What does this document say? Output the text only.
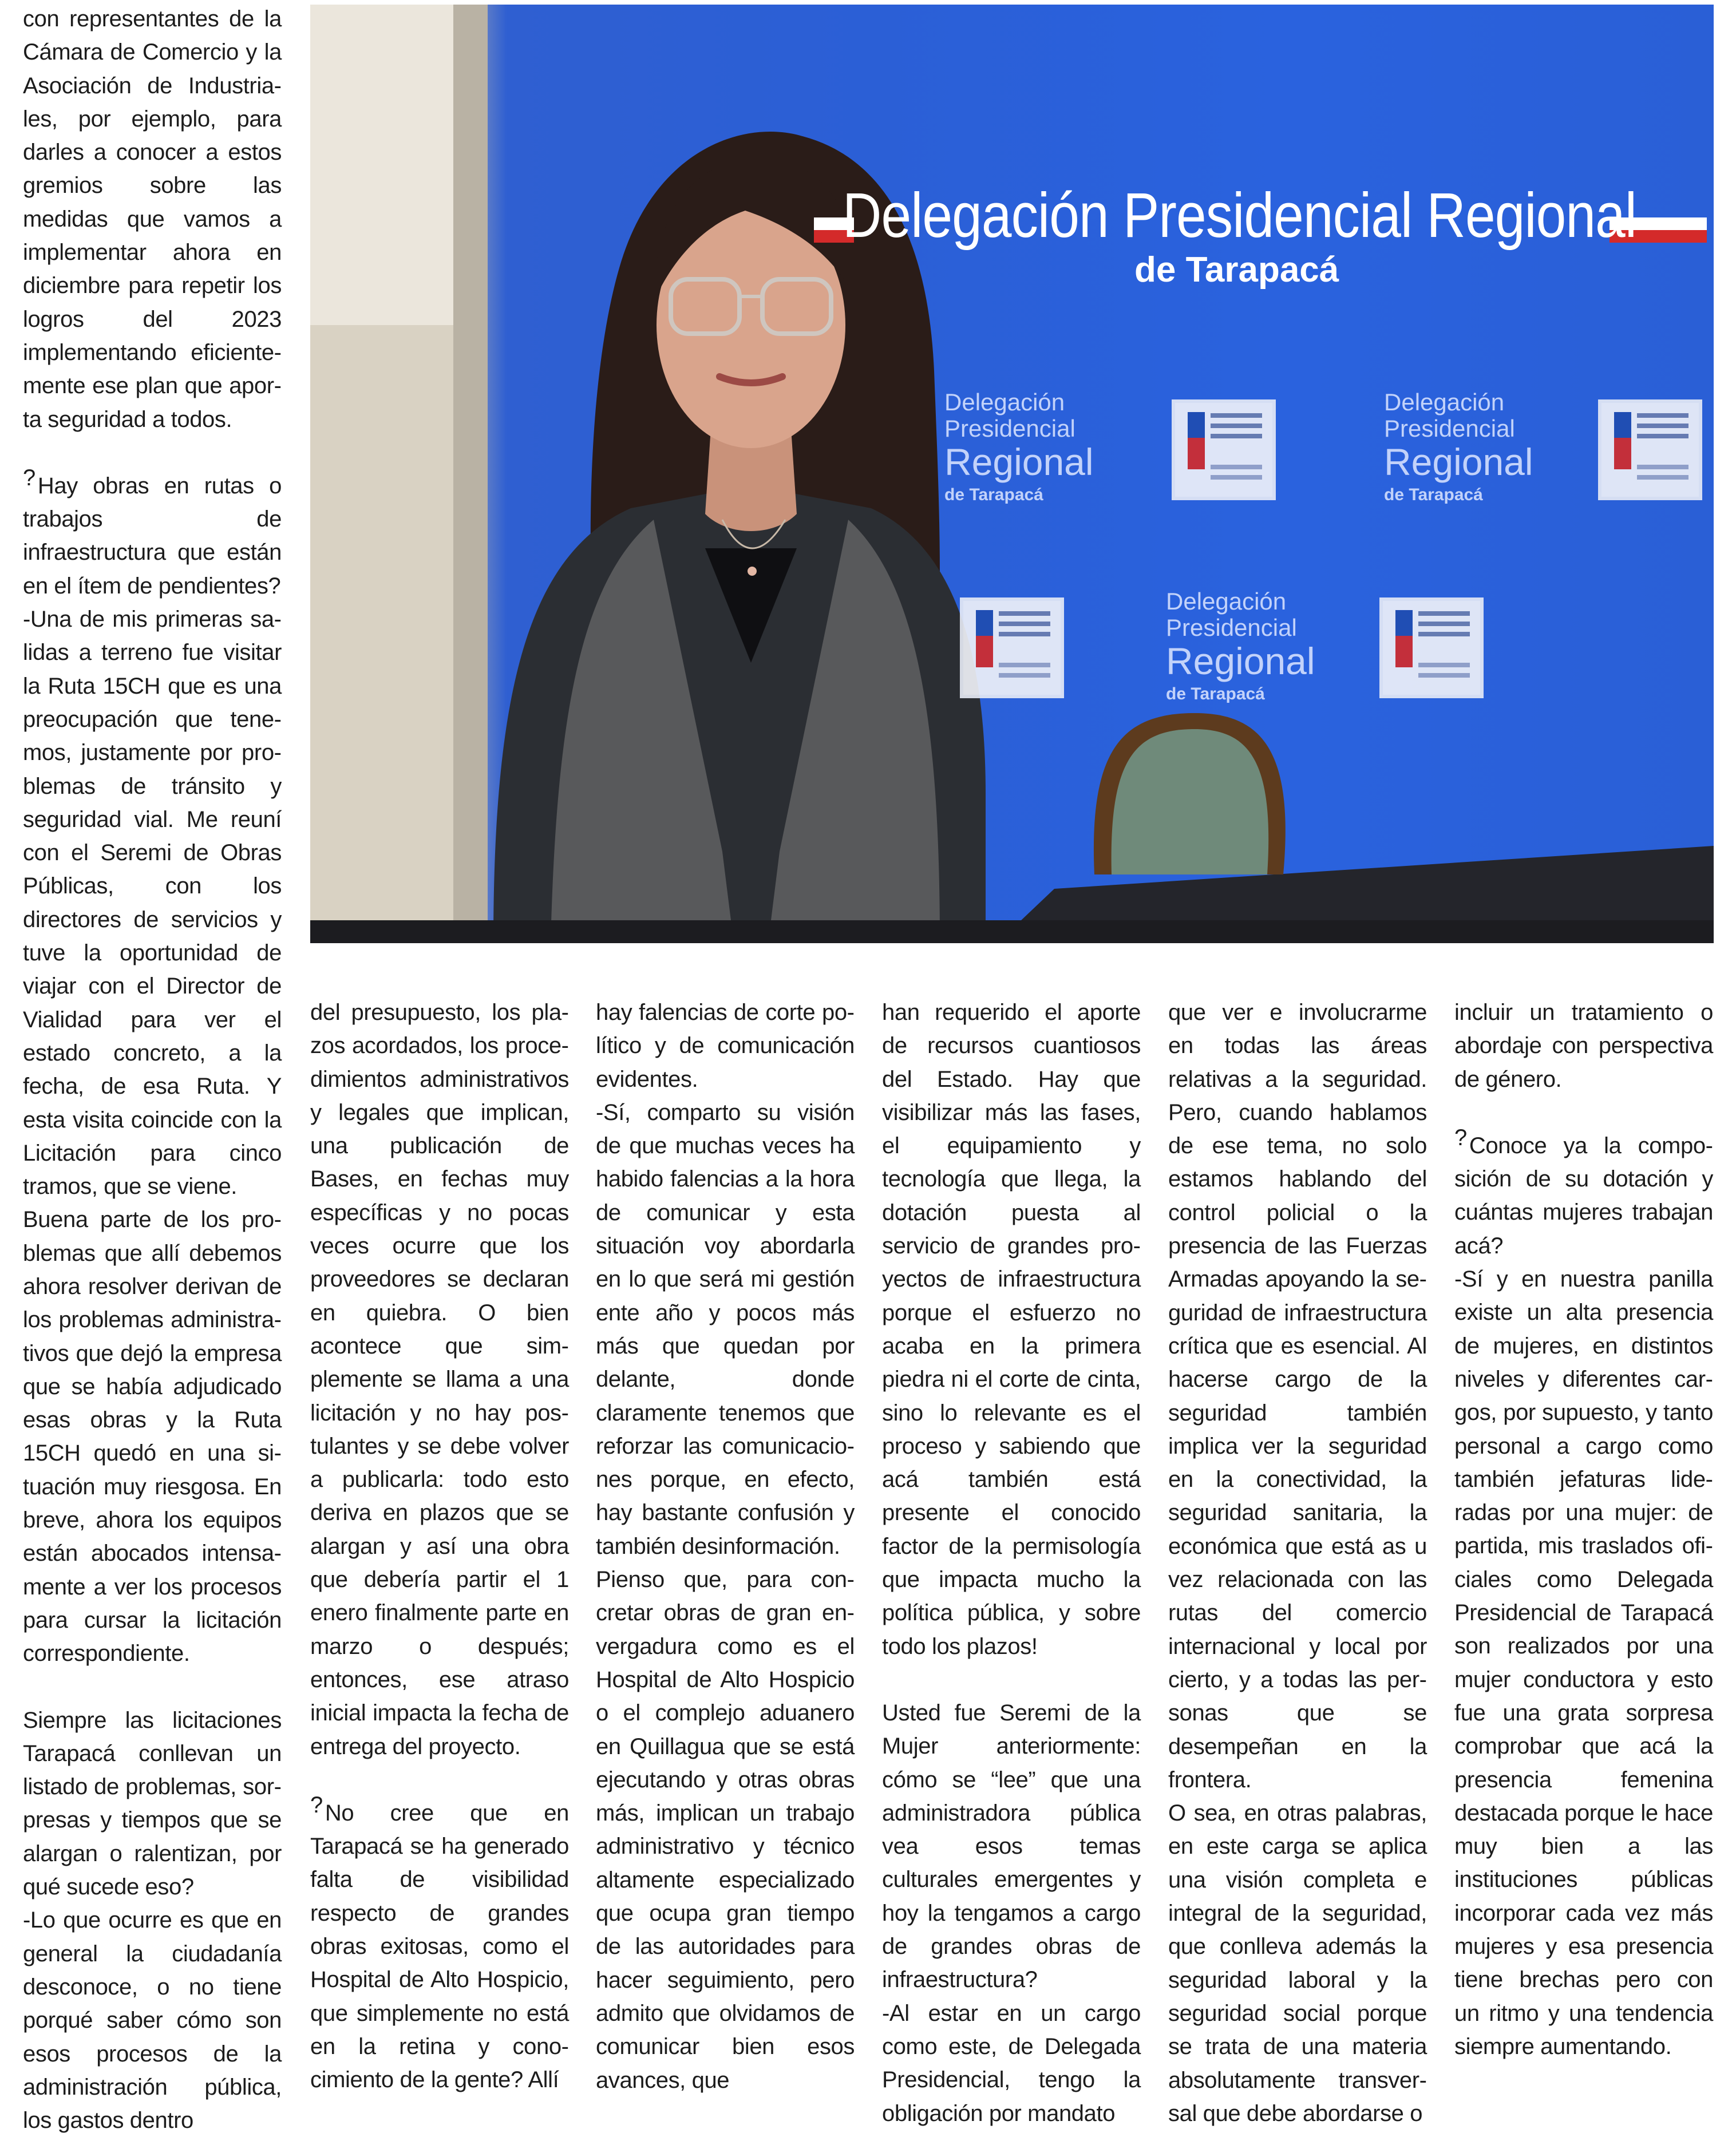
con representantes de la Cámara de Comercio y la Asociación de Industriales, por ejemplo, para darles a conocer a estos gremios sobre las medidas que vamos a implementar ahora en diciembre para repetir los logros del 2023 implementando eficientemente ese plan que aporta seguridad a todos.

? Hay obras en rutas o trabajos de infraestructura que están en el ítem de pendientes?

-Una de mis primeras salidas a terreno fue visitar la Ruta 15CH que es una preocupación que tenemos, justamente por problemas de tránsito y seguridad vial. Me reuní con el Seremi de Obras Públicas, con los directores de servicios y tuve la oportunidad de viajar con el Director de Vialidad para ver el estado concreto, a la fecha, de esa Ruta. Y esta visita coincide con la Licitación para cinco tramos, que se viene.

Buena parte de los problemas que allí debemos ahora resolver derivan de los problemas administrativos que dejó la empresa que se había adjudicado esas obras y la Ruta 15CH quedó en una situación muy riesgosa. En breve, ahora los equipos están abocados intensamente a ver los procesos para cursar la licitación correspondiente.

Siempre las licitaciones Tarapacá conllevan un listado de problemas, sorpresas y tiempos que se alargan o ralentizan, por qué sucede eso?

-Lo que ocurre es que en general la ciudadanía desconoce, o no tiene porqué saber cómo son esos procesos de la administración pública, los gastos dentro

Delegación Presidencial Regional
de Tarapacá
Delegación
Presidencial
Regional
de Tarapacá
Delegación
Presidencial
Regional
de Tarapacá
Delegación
Presidencial
Regional
de Tarapacá

del presupuesto, los plazos acordados, los procedimientos administrativos y legales que implican, una publicación de Bases, en fechas muy específicas y no pocas veces ocurre que los proveedores se declaran en quiebra. O bien acontece que simplemente se llama a una licitación y no hay postulantes y se debe volver a publicarla: todo esto deriva en plazos que se alargan y así una obra que debería partir el 1 enero finalmente parte en marzo o después; entonces, ese atraso inicial impacta la fecha de entrega del proyecto.

? No cree que en Tarapacá se ha generado falta de visibilidad respecto de grandes obras exitosas, como el Hospital de Alto Hospicio, que simplemente no está en la retina y conocimiento de la gente? Allí

hay falencias de corte político y de comunicación evidentes.

-Sí, comparto su visión de que muchas veces ha habido falencias a la hora de comunicar y esta situación voy abordarla en lo que será mi gestión ente año y pocos más más que quedan por delante, donde claramente tenemos que reforzar las comunicaciones porque, en efecto, hay bastante confusión y también desinformación.

Pienso que, para concretar obras de gran envergadura como es el Hospital de Alto Hospicio o el complejo aduanero en Quillagua que se está ejecutando y otras obras más, implican un trabajo administrativo y técnico altamente especializado que ocupa gran tiempo de las autoridades para hacer seguimiento, pero admito que olvidamos de comunicar bien esos avances, que

han requerido el aporte de recursos cuantiosos del Estado. Hay que visibilizar más las fases, el equipamiento y tecnología que llega, la dotación puesta al servicio de grandes proyectos de infraestructura porque el esfuerzo no acaba en la primera piedra ni el corte de cinta, sino lo relevante es el proceso y sabiendo que acá también está presente el conocido factor de la permisología que impacta mucho la política pública, y sobre todo los plazos!

Usted fue Seremi de la Mujer anteriormente: cómo se “lee” que una administradora pública vea esos temas culturales emergentes y hoy la tengamos a cargo de grandes obras de infraestructura?

-Al estar en un cargo como este, de Delegada Presidencial, tengo la obligación por mandato

que ver e involucrarme en todas las áreas relativas a la seguridad. Pero, cuando hablamos de ese tema, no solo estamos hablando del control policial o la presencia de las Fuerzas Armadas apoyando la seguridad de infraestructura crítica que es esencial. Al hacerse cargo de la seguridad también implica ver la seguridad en la conectividad, la seguridad sanitaria, la económica que está as u vez relacionada con las rutas del comercio internacional y local por cierto, y a todas las personas que se desempeñan en la frontera.

O sea, en otras palabras, en este carga se aplica una visión completa e integral de la seguridad, que conlleva además la seguridad laboral y la seguridad social porque se trata de una materia absolutamente transversal que debe abordarse o

incluir un tratamiento o abordaje con perspectiva de género.

? Conoce ya la composición de su dotación y cuántas mujeres trabajan acá?

-Sí y en nuestra panilla existe un alta presencia de mujeres, en distintos niveles y diferentes cargos, por supuesto, y tanto personal a cargo como también jefaturas lideradas por una mujer: de partida, mis traslados oficiales como Delegada Presidencial de Tarapacá son realizados por una mujer conductora y esto fue una grata sorpresa comprobar que acá la presencia femenina destacada porque le hace muy bien a las instituciones públicas incorporar cada vez más mujeres y esa presencia tiene brechas pero con un ritmo y una tendencia siempre aumentando.
